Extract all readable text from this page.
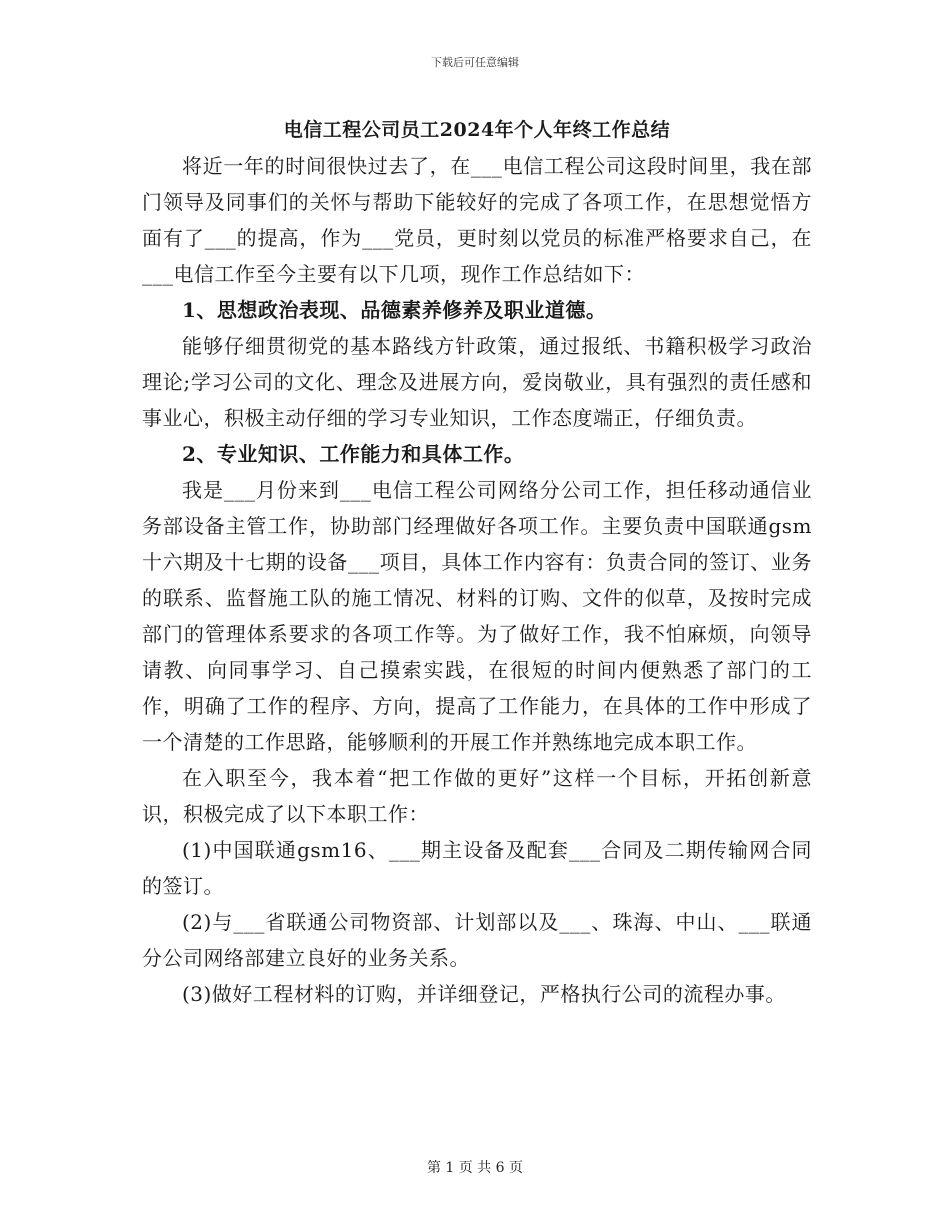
下载后可任意编辑
电信工程公司员工2024年个人年终工作总结

将近一年的时间很快过去了，在___电信工程公司这段时间里，我在部门领导及同事们的关怀与帮助下能较好的完成了各项工作，在思想觉悟方面有了___的提高，作为___党员，更时刻以党员的标准严格要求自己，在___电信工作至今主要有以下几项，现作工作总结如下：

1、思想政治表现、品德素养修养及职业道德。

能够仔细贯彻党的基本路线方针政策，通过报纸、书籍积极学习政治理论;学习公司的文化、理念及进展方向，爱岗敬业，具有强烈的责任感和事业心，积极主动仔细的学习专业知识，工作态度端正，仔细负责。

2、专业知识、工作能力和具体工作。

我是___月份来到___电信工程公司网络分公司工作，担任移动通信业务部设备主管工作，协助部门经理做好各项工作。主要负责中国联通gsm十六期及十七期的设备___项目，具体工作内容有：负责合同的签订、业务的联系、监督施工队的施工情况、材料的订购、文件的似草，及按时完成部门的管理体系要求的各项工作等。为了做好工作，我不怕麻烦，向领导请教、向同事学习、自己摸索实践，在很短的时间内便熟悉了部门的工作，明确了工作的程序、方向，提高了工作能力，在具体的工作中形成了一个清楚的工作思路，能够顺利的开展工作并熟练地完成本职工作。

在入职至今，我本着“把工作做的更好”这样一个目标，开拓创新意识，积极完成了以下本职工作：

(1)中国联通gsm16、___期主设备及配套___合同及二期传输网合同的签订。

(2)与___省联通公司物资部、计划部以及___、珠海、中山、___联通分公司网络部建立良好的业务关系。

(3)做好工程材料的订购，并详细登记，严格执行公司的流程办事。

第 1 页 共 6 页
